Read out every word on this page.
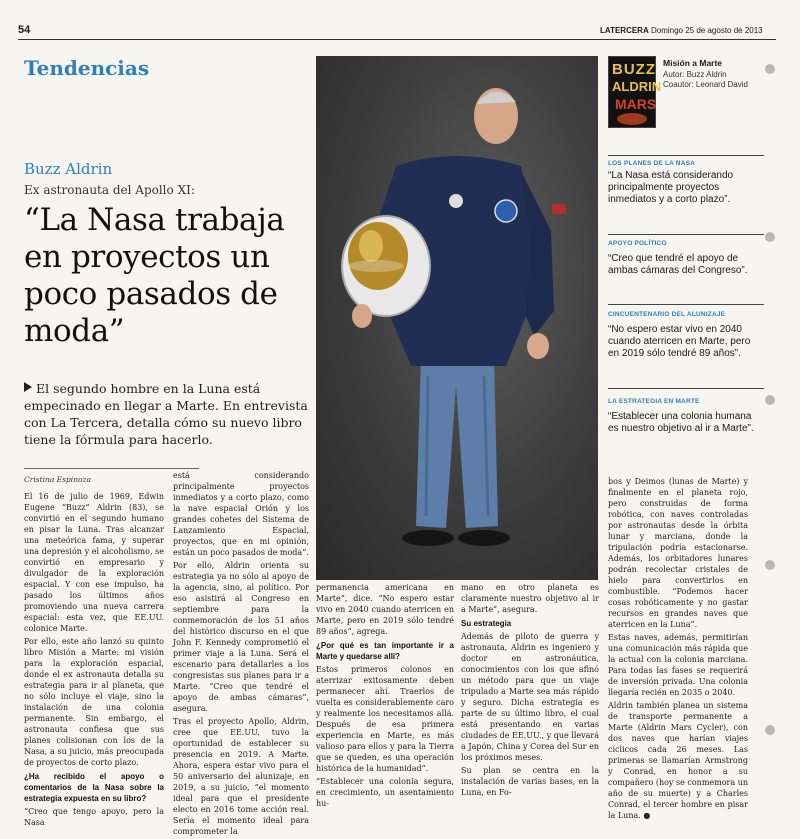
54	LATERCERA Domingo 25 de agosto de 2013
Tendencias
Buzz Aldrin
Ex astronauta del Apollo XI:
“La Nasa trabaja en proyectos un poco pasados de moda”
El segundo hombre en la Luna está empecinado en llegar a Marte. En entrevista con La Tercera, detalla cómo su nuevo libro tiene la fórmula para hacerlo.
Cristina Espinoza

El 16 de julio de 1969, Edwin Eugene “Buzz” Aldrin (83), se convirtió en el segundo humano en pisar la Luna. Tras alcanzar una meteórica fama, y superar una depresión y el alcoholismo, se convirtió en empresario y divulgador de la exploración espacial. Y con ese impulso, ha pasado los últimos años promoviendo una nueva carrera espacial: esta vez, que EE.UU. colonice Marte.

Por ello, este año lanzó su quinto libro Misión a Marte: mi visión para la exploración espacial, donde el ex astronauta detalla su estrategia para ir al planeta, que no sólo incluye el viaje, sino la instalación de una colonia permanente. Sin embargo, el astronauta confiesa que sus planes colisionan con los de la Nasa, a su juicio, más preocupada de proyectos de corto plazo.

¿Ha recibido el apoyo o comentarios de la Nasa sobre la estrategia expuesta en su libro?

“Creo que tengo apoyo, pero la Nasa

está considerando principalmente proyectos inmediatos y a corto plazo, como la nave espacial Orión y los grandes cohetes del Sistema de Lanzamiento Espacial, proyectos, que en mi opinión, están un poco pasados de moda”.

Por ello, Aldrin orienta su estrategia ya no sólo al apoyo de la agencia, sino, al político. Por eso asistirá al Congreso en septiembre para la conmemoración de los 51 años del histórico discurso en el que John F. Kennedy comprometió el primer viaje a la Luna. Será el escenario para detallarles a los congresistas sus planes para ir a Marte. “Creo que tendré el apoyo de ambas cámaras”, asegura.

Tras el proyecto Apollo, Aldrin, cree que EE.UU. tuvo la oportunidad de establecer su presencia en 2019. A Marte. Ahora, espera estar vivo para el 50 aniversario del alunizaje, en 2019, a su juicio, “el momento ideal para que el presidente electo en 2016 tome acción real. Sería el momento ideal para comprometer la

permanencia americana en Marte”, dice. “No espero estar vivo en 2040 cuando aterricen en Marte, pero en 2019 sólo tendré 89 años”, agrega.

¿Por qué es tan importante ir a Marte y quedarse allí?

Estos primeros colonos en aterrizar exitosamente deben permanecer ahí. Traerlos de vuelta es considerablemente caro y realmente los necesitamos allá. Después de esa primera experiencia en Marte, es más valioso para ellos y para la Tierra que se queden, es una operación histórica de la humanidad”.

“Establecer una colonia segura, en crecimiento, un asentamiento hu-

mano en otro planeta es claramente nuestro objetivo al ir a Marte”, asegura.

Su estrategia

Además de piloto de guerra y astronauta, Aldrin es ingeniero y doctor en astronáutica, conocimientos con los que afinó un método para que un viaje tripulado a Marte sea más rápido y seguro. Dicha estrategia es parte de su último libro, el cual está presentando en varias ciudades de EE.UU., y que llevará a Japón, China y Corea del Sur en los próximos meses.

Su plan se centra en la instalación de varias bases, en la Luna, en Fo-

bos y Deimos (lunas de Marte) y finalmente en el planeta rojo, pero construidas de forma robótica, con naves controladas por astronautas desde la órbita lunar y marciana, donde la tripulación podría estacionarse. Además, los orbitadores lunares podrán recolectar cristales de hielo para convertirlos en combustible. “Podemos hacer cosas robóticamente y no gastar recursos en grandes naves que aterricen en la Luna”.

Estas naves, además, permitirían una comunicación más rápida que la actual con la colonia marciana. Para todas las fases se requerirá de inversión privada. Una colonia llegaría recién en 2035 o 2040.

Aldrin también planea un sistema de transporte permanente a Marte (Aldrin Mars Cycler), con dos naves que harían viajes cíclicos cada 26 meses. Las primeras se llamarían Armstrong y Conrad, en honor a su compañero (hoy se conmemora un año de su muerte) y a Charles Conrad, el tercer hombre en pisar la Luna. ●

BUZZ
ALDRIN
MARS
Misión a Marte
Autor: Buzz Aldrin
Coautor: Leonard David
LOS PLANES DE LA NASA
“La Nasa está considerando principalmente proyectos inmediatos y a corto plazo”.
APOYO POLÍTICO
“Creo que tendré el apoyo de ambas cámaras del Congreso”.
CINCUENTENARIO DEL ALUNIZAJE
“No espero estar vivo en 2040 cuando aterricen en Marte, pero en 2019 sólo tendré 89 años”.
LA ESTRATEGIA EN MARTE
“Establecer una colonia humana es nuestro objetivo al ir a Marte”.
